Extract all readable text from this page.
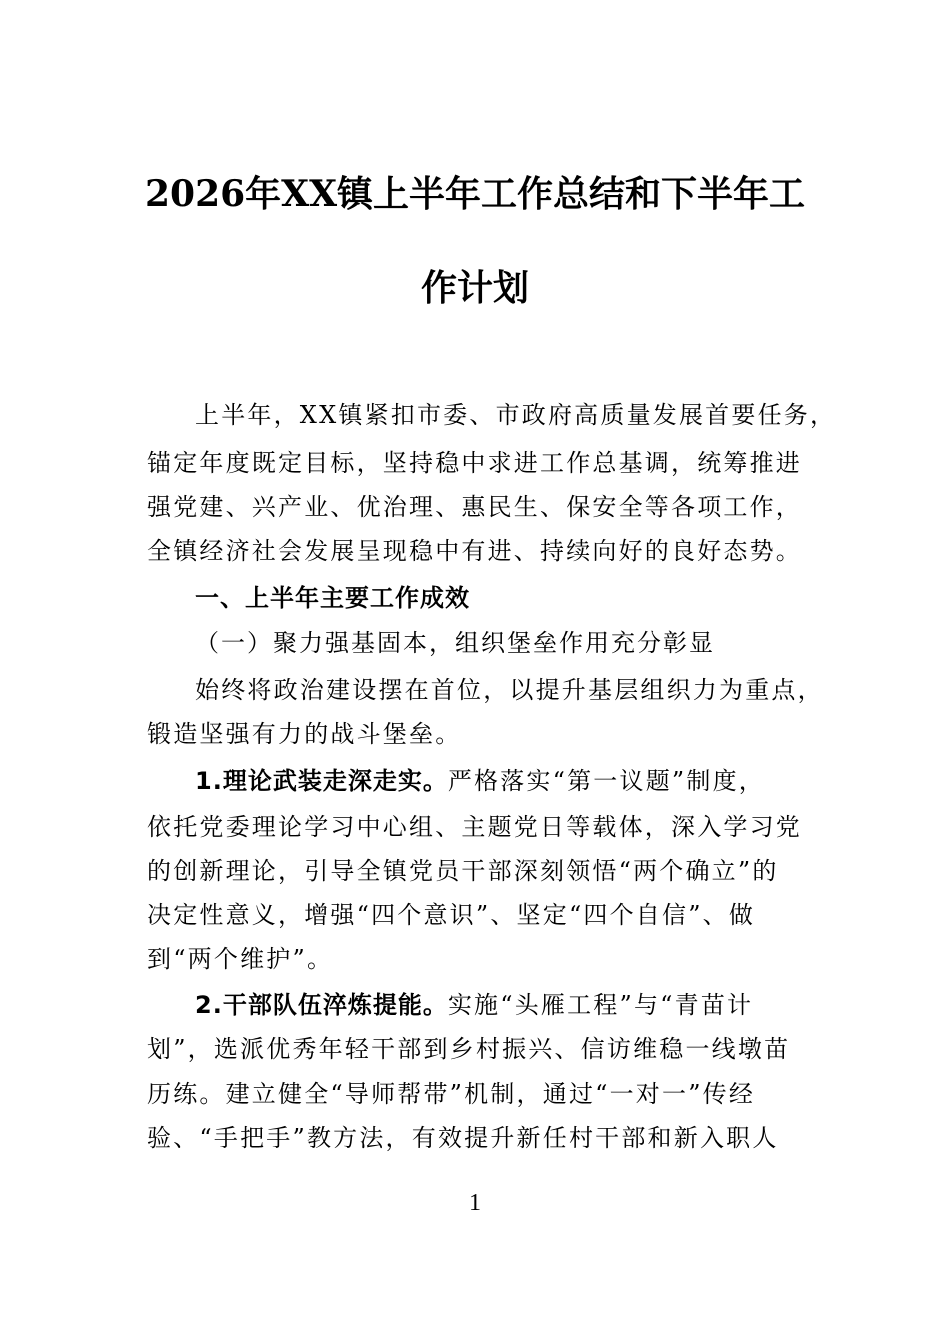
2026年XX镇上半年工作总结和下半年工
作计划
上半年，XX镇紧扣市委、市政府高质量发展首要任务，
锚定年度既定目标，坚持稳中求进工作总基调，统筹推进
强党建、兴产业、优治理、惠民生、保安全等各项工作，
全镇经济社会发展呈现稳中有进、持续向好的良好态势。
一、上半年主要工作成效
（一）聚力强基固本，组织堡垒作用充分彰显
始终将政治建设摆在首位，以提升基层组织力为重点，
锻造坚强有力的战斗堡垒。
1.理论武装走深走实。严格落实“第一议题”制度，
依托党委理论学习中心组、主题党日等载体，深入学习党
的创新理论，引导全镇党员干部深刻领悟“两个确立”的
决定性意义，增强“四个意识”、坚定“四个自信”、做
到“两个维护”。
2.干部队伍淬炼提能。实施“头雁工程”与“青苗计
划”，选派优秀年轻干部到乡村振兴、信访维稳一线墩苗
历练。建立健全“导师帮带”机制，通过“一对一”传经
验、“手把手”教方法，有效提升新任村干部和新入职人
1
